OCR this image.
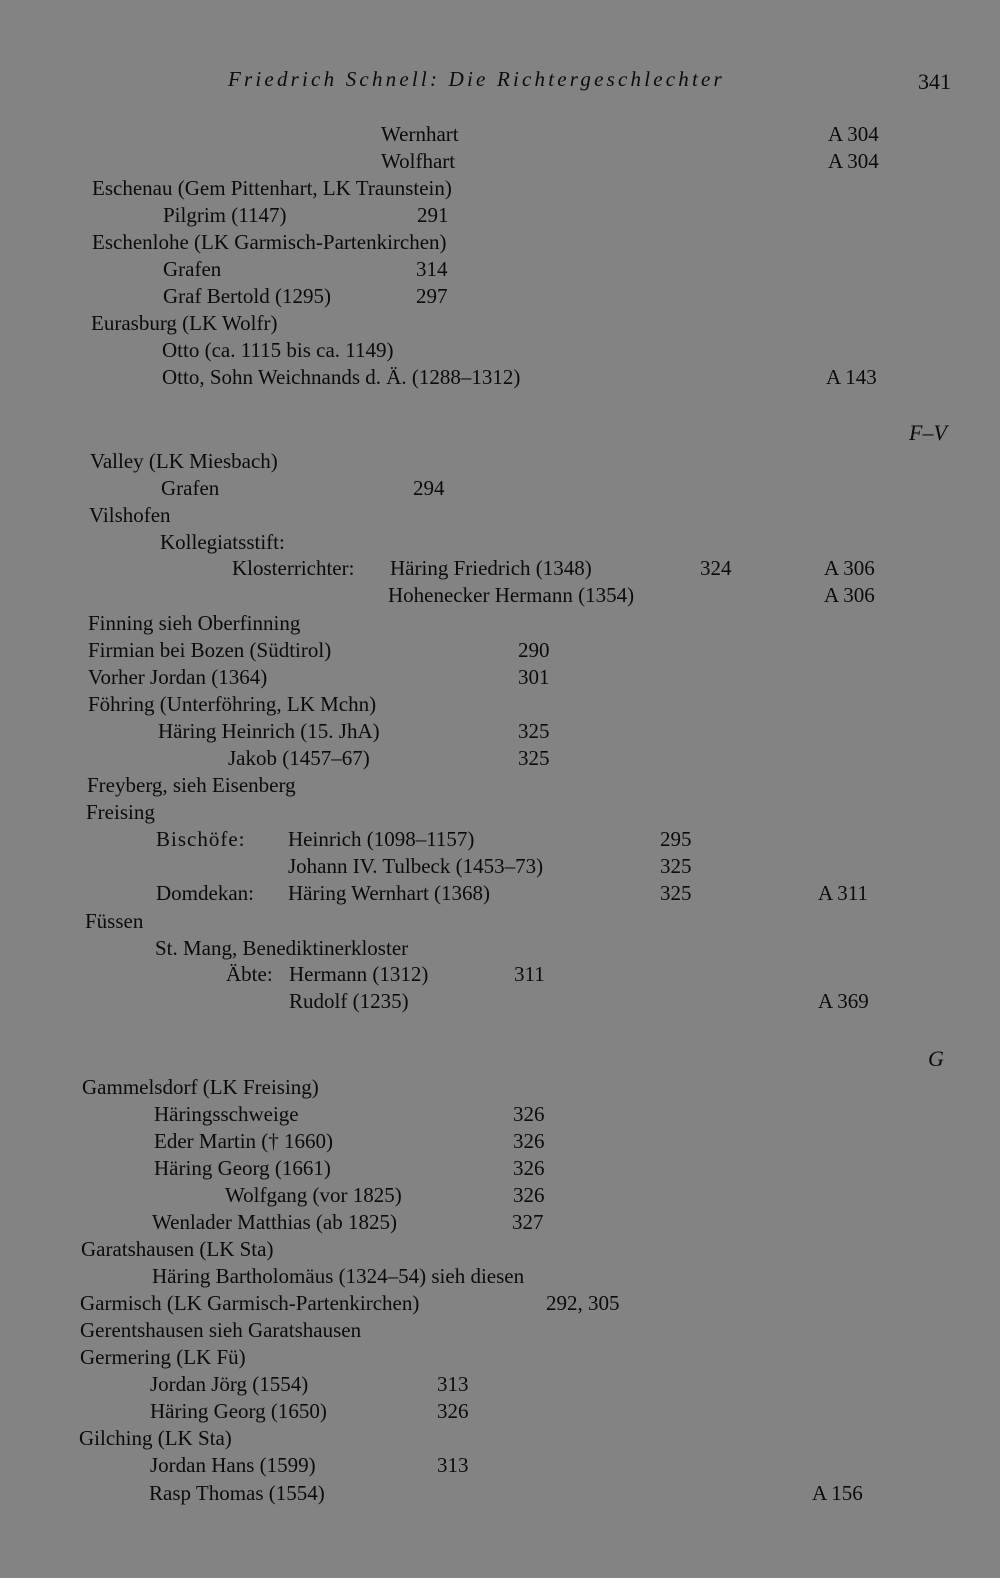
Friedrich Schnell: Die Richtergeschlechter	341
Wernhart	A 304
Wolfhart	A 304
Eschenau (Gem Pittenhart, LK Traunstein)
Pilgrim (1147)	291
Eschenlohe (LK Garmisch-Partenkirchen)
Grafen	314
Graf Bertold (1295)	297
Eurasburg (LK Wolfr)
Otto (ca. 1115 bis ca. 1149)
Otto, Sohn Weichnands d. Ä. (1288–1312)	A 143
F–V
Valley (LK Miesbach)
Grafen	294
Vilshofen
Kollegiatsstift:
Klosterrichter: Häring Friedrich (1348)	324	A 306
Hohenecker Hermann (1354)	A 306
Finning sieh Oberfinning
Firmian bei Bozen (Südtirol)	290
Vorher Jordan (1364)	301
Föhring (Unterföhring, LK Mchn)
Häring Heinrich (15. JhA)	325
Jakob (1457–67)	325
Freyberg, sieh Eisenberg
Freising
Bischöfe: Heinrich (1098–1157)	295
Johann IV. Tulbeck (1453–73)	325
Domdekan: Häring Wernhart (1368)	325	A 311
Füssen
St. Mang, Benediktinerkloster
Äbte: Hermann (1312)	311
Rudolf (1235)	A 369
G
Gammelsdorf (LK Freising)
Häringsschweige	326
Eder Martin († 1660)	326
Häring Georg (1661)	326
Wolfgang (vor 1825)	326
Wenlader Matthias (ab 1825)	327
Garatshausen (LK Sta)
Häring Bartholomäus (1324–54) sieh diesen
Garmisch (LK Garmisch-Partenkirchen)	292, 305
Gerentshausen sieh Garatshausen
Germering (LK Fü)
Jordan Jörg (1554)	313
Häring Georg (1650)	326
Gilching (LK Sta)
Jordan Hans (1599)	313
Rasp Thomas (1554)	A 156
